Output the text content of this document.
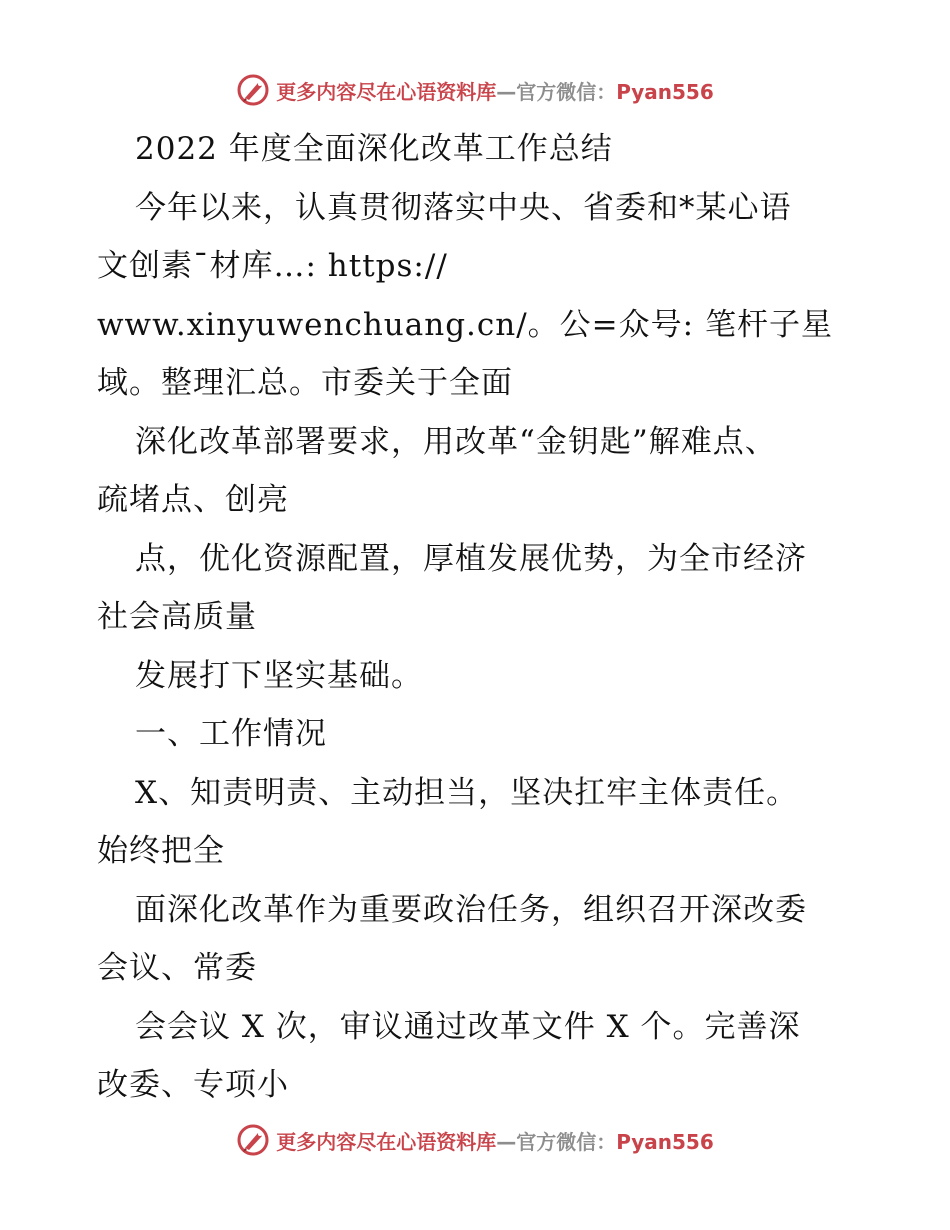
更多内容尽在心语资料库—官方微信：Pyan556
2022 年度全面深化改革工作总结
今年以来，认真贯彻落实中央、省委和*某心语
文创素¯材库…: https://
www.xinyuwenchuang.cn/。公=众号: 笔杆子星
域。整理汇总。市委关于全面
深化改革部署要求，用改革“金钥匙”解难点、
疏堵点、创亮
点，优化资源配置，厚植发展优势，为全市经济
社会高质量
发展打下坚实基础。
一、工作情况
X、知责明责、主动担当，坚决扛牢主体责任。
始终把全
面深化改革作为重要政治任务，组织召开深改委
会议、常委
会会议 X 次，审议通过改革文件 X 个。完善深
改委、专项小
更多内容尽在心语资料库—官方微信：Pyan556
